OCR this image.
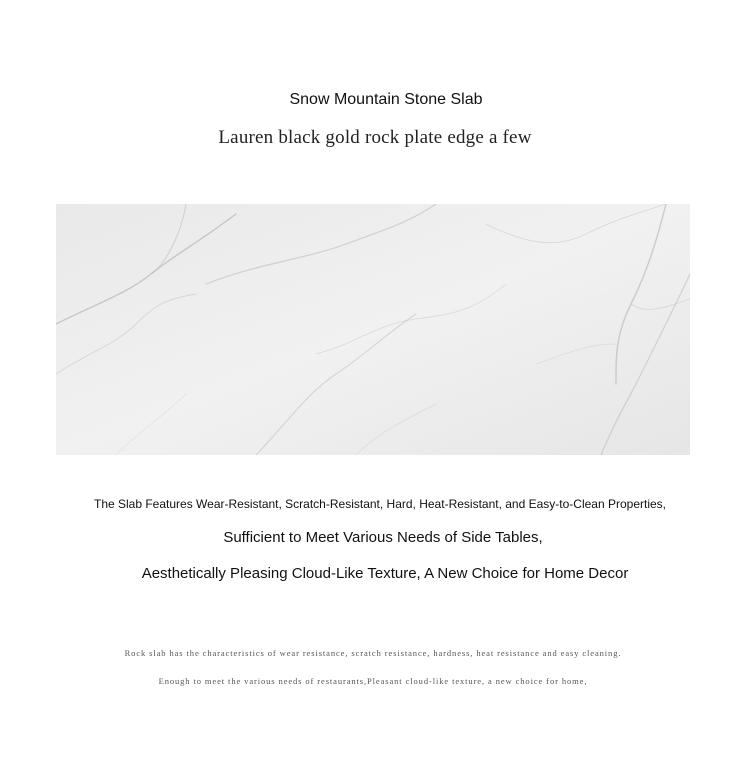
Snow Mountain Stone Slab
Lauren black gold rock plate edge a few
The Slab Features Wear-Resistant, Scratch-Resistant, Hard, Heat-Resistant, and Easy-to-Clean Properties,
Sufficient to Meet Various Needs of Side Tables,
Aesthetically Pleasing Cloud-Like Texture, A New Choice for Home Decor
Rock slab has the characteristics of wear resistance, scratch resistance, hardness, heat resistance and easy cleaning.
Enough to meet the various needs of restaurants,Pleasant cloud-like texture, a new choice for home,
